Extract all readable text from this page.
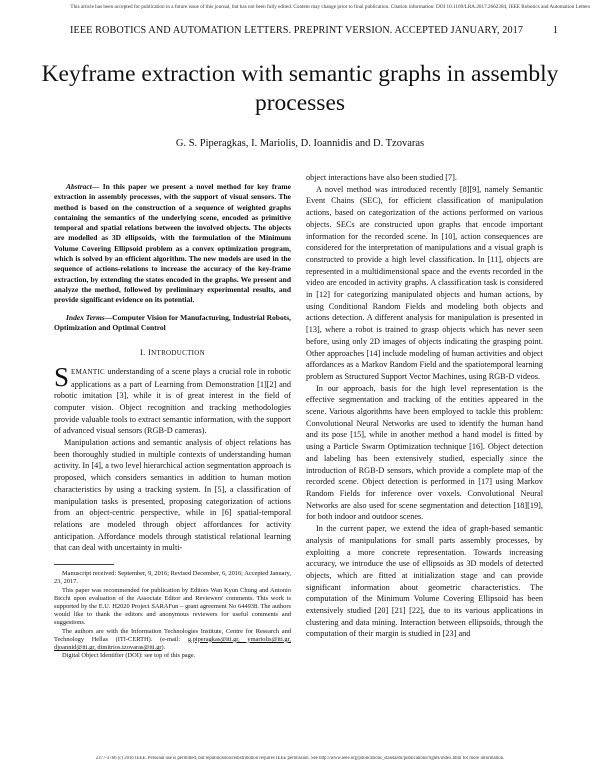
This article has been accepted for publication in a future issue of this journal, but has not been fully edited. Content may change prior to final publication. Citation information: DOI 10.1109/LRA.2017.2662384, IEEE Robotics and Automation Letters
IEEE ROBOTICS AND AUTOMATION LETTERS. PREPRINT VERSION. ACCEPTED JANUARY, 2017	1
Keyframe extraction with semantic graphs in assembly processes
G. S. Piperagkas, I. Mariolis, D. Ioannidis and D. Tzovaras

Abstract— In this paper we present a novel method for key frame extraction in assembly processes, with the support of visual sensors. The method is based on the construction of a sequence of weighted graphs containing the semantics of the underlying scene, encoded as primitive temporal and spatial relations between the involved objects. The objects are modelled as 3D ellipsoids, with the formulation of the Minimum Volume Covering Ellipsoid problem as a convex optimization program, which is solved by an efficient algorithm. The new models are used in the sequence of actions-relations to increase the accuracy of the key-frame extraction, by extending the states encoded in the graphs. We present and analyze the method, followed by preliminary experimental results, and provide significant evidence on its potential.

Index Terms—Computer Vision for Manufacturing, Industrial Robots, Optimization and Optimal Control

I. INTRODUCTION

SEMANTIC understanding of a scene plays a crucial role in robotic applications as a part of Learning from Demonstration [1][2] and robotic imitation [3], while it is of great interest in the field of computer vision. Object recognition and tracking methodologies provide valuable tools to extract semantic information, with the support of advanced visual sensors (RGB-D cameras).

Manipulation actions and semantic analysis of object relations has been thoroughly studied in multiple contexts of understanding human activity. In [4], a two level hierarchical action segmentation approach is proposed, which considers semantics in addition to human motion characteristics by using a tracking system. In [5], a classification of manipulation tasks is presented, proposing categorization of actions from an object-centric perspective, while in [6] spatial-temporal relations are modeled through object affordances for activity anticipation. Affordance models through statistical relational learning that can deal with uncertainty in multi-

Manuscript received: September, 9, 2016; Revised December, 6, 2016; Accepted January, 23, 2017.

This paper was recommended for publication by Editors Wan Kyun Chung and Antonio Bicchi upon evaluation of the Associate Editor and Reviewers' comments. This work is supported by the E.U. H2020 Project SARAFun – grant agreement No 644938. The authors would like to thank the editors and anonymous reviewers for useful comments and suggestions.

The authors are with the Information Technologies Institute, Centre for Research and Technology Hellas (ITI-CERTH). (e-mail: g.piperagkas@iti.gr, ymariolis@iti.gr, djoannid@iti.gr, dimitrios.tzovaras@iti.gr).

Digital Object Identifier (DOI): see top of this page.

object interactions have also been studied [7].

A novel method was introduced recently [8][9], namely Semantic Event Chains (SEC), for efficient classification of manipulation actions, based on categorization of the actions performed on various objects. SECs are constructed upon graphs that encode important information for the recorded scene. In [10], action consequences are considered for the interpretation of manipulations and a visual graph is constructed to provide a high level classification. In [11], objects are represented in a multidimensional space and the events recorded in the video are encoded in activity graphs. A classification task is considered in [12] for categorizing manipulated objects and human actions, by using Conditional Random Fields and modeling both objects and actions detection. A different analysis for manipulation is presented in [13], where a robot is trained to grasp objects which has never seen before, using only 2D images of objects indicating the grasping point. Other approaches [14] include modeling of human activities and object affordances as a Markov Random Field and the spatiotemporal learning problem as Structured Support Vector Machines, using RGB-D videos.

In our approach, basis for the high level representation is the effective segmentation and tracking of the entities appeared in the scene. Various algorithms have been employed to tackle this problem: Convolutional Neural Networks are used to identify the human hand and its pose [15], while in another method a hand model is fitted by using a Particle Swarm Optimization technique [16]. Object detection and labeling has been extensively studied, especially since the introduction of RGB-D sensors, which provide a complete map of the recorded scene. Object detection is performed in [17] using Markov Random Fields for inference over voxels. Convolutional Neural Networks are also used for scene segmentation and detection [18][19], for both indoor and outdoor scenes.

In the current paper, we extend the idea of graph-based semantic analysis of manipulations for small parts assembly processes, by exploiting a more concrete representation. Towards increasing accuracy, we introduce the use of ellipsoids as 3D models of detected objects, which are fitted at initialization stage and can provide significant information about geometric characteristics. The computation of the Minimum Volume Covering Ellipsoid has been extensively studied [20] [21] [22], due to its various applications in clustering and data mining. Interaction between ellipsoids, through the computation of their margin is studied in [23] and

2377-3766 (c) 2016 IEEE. Personal use is permitted, but republication/redistribution requires IEEE permission. See http://www.ieee.org/publications_standards/publications/rights/index.html for more information.
